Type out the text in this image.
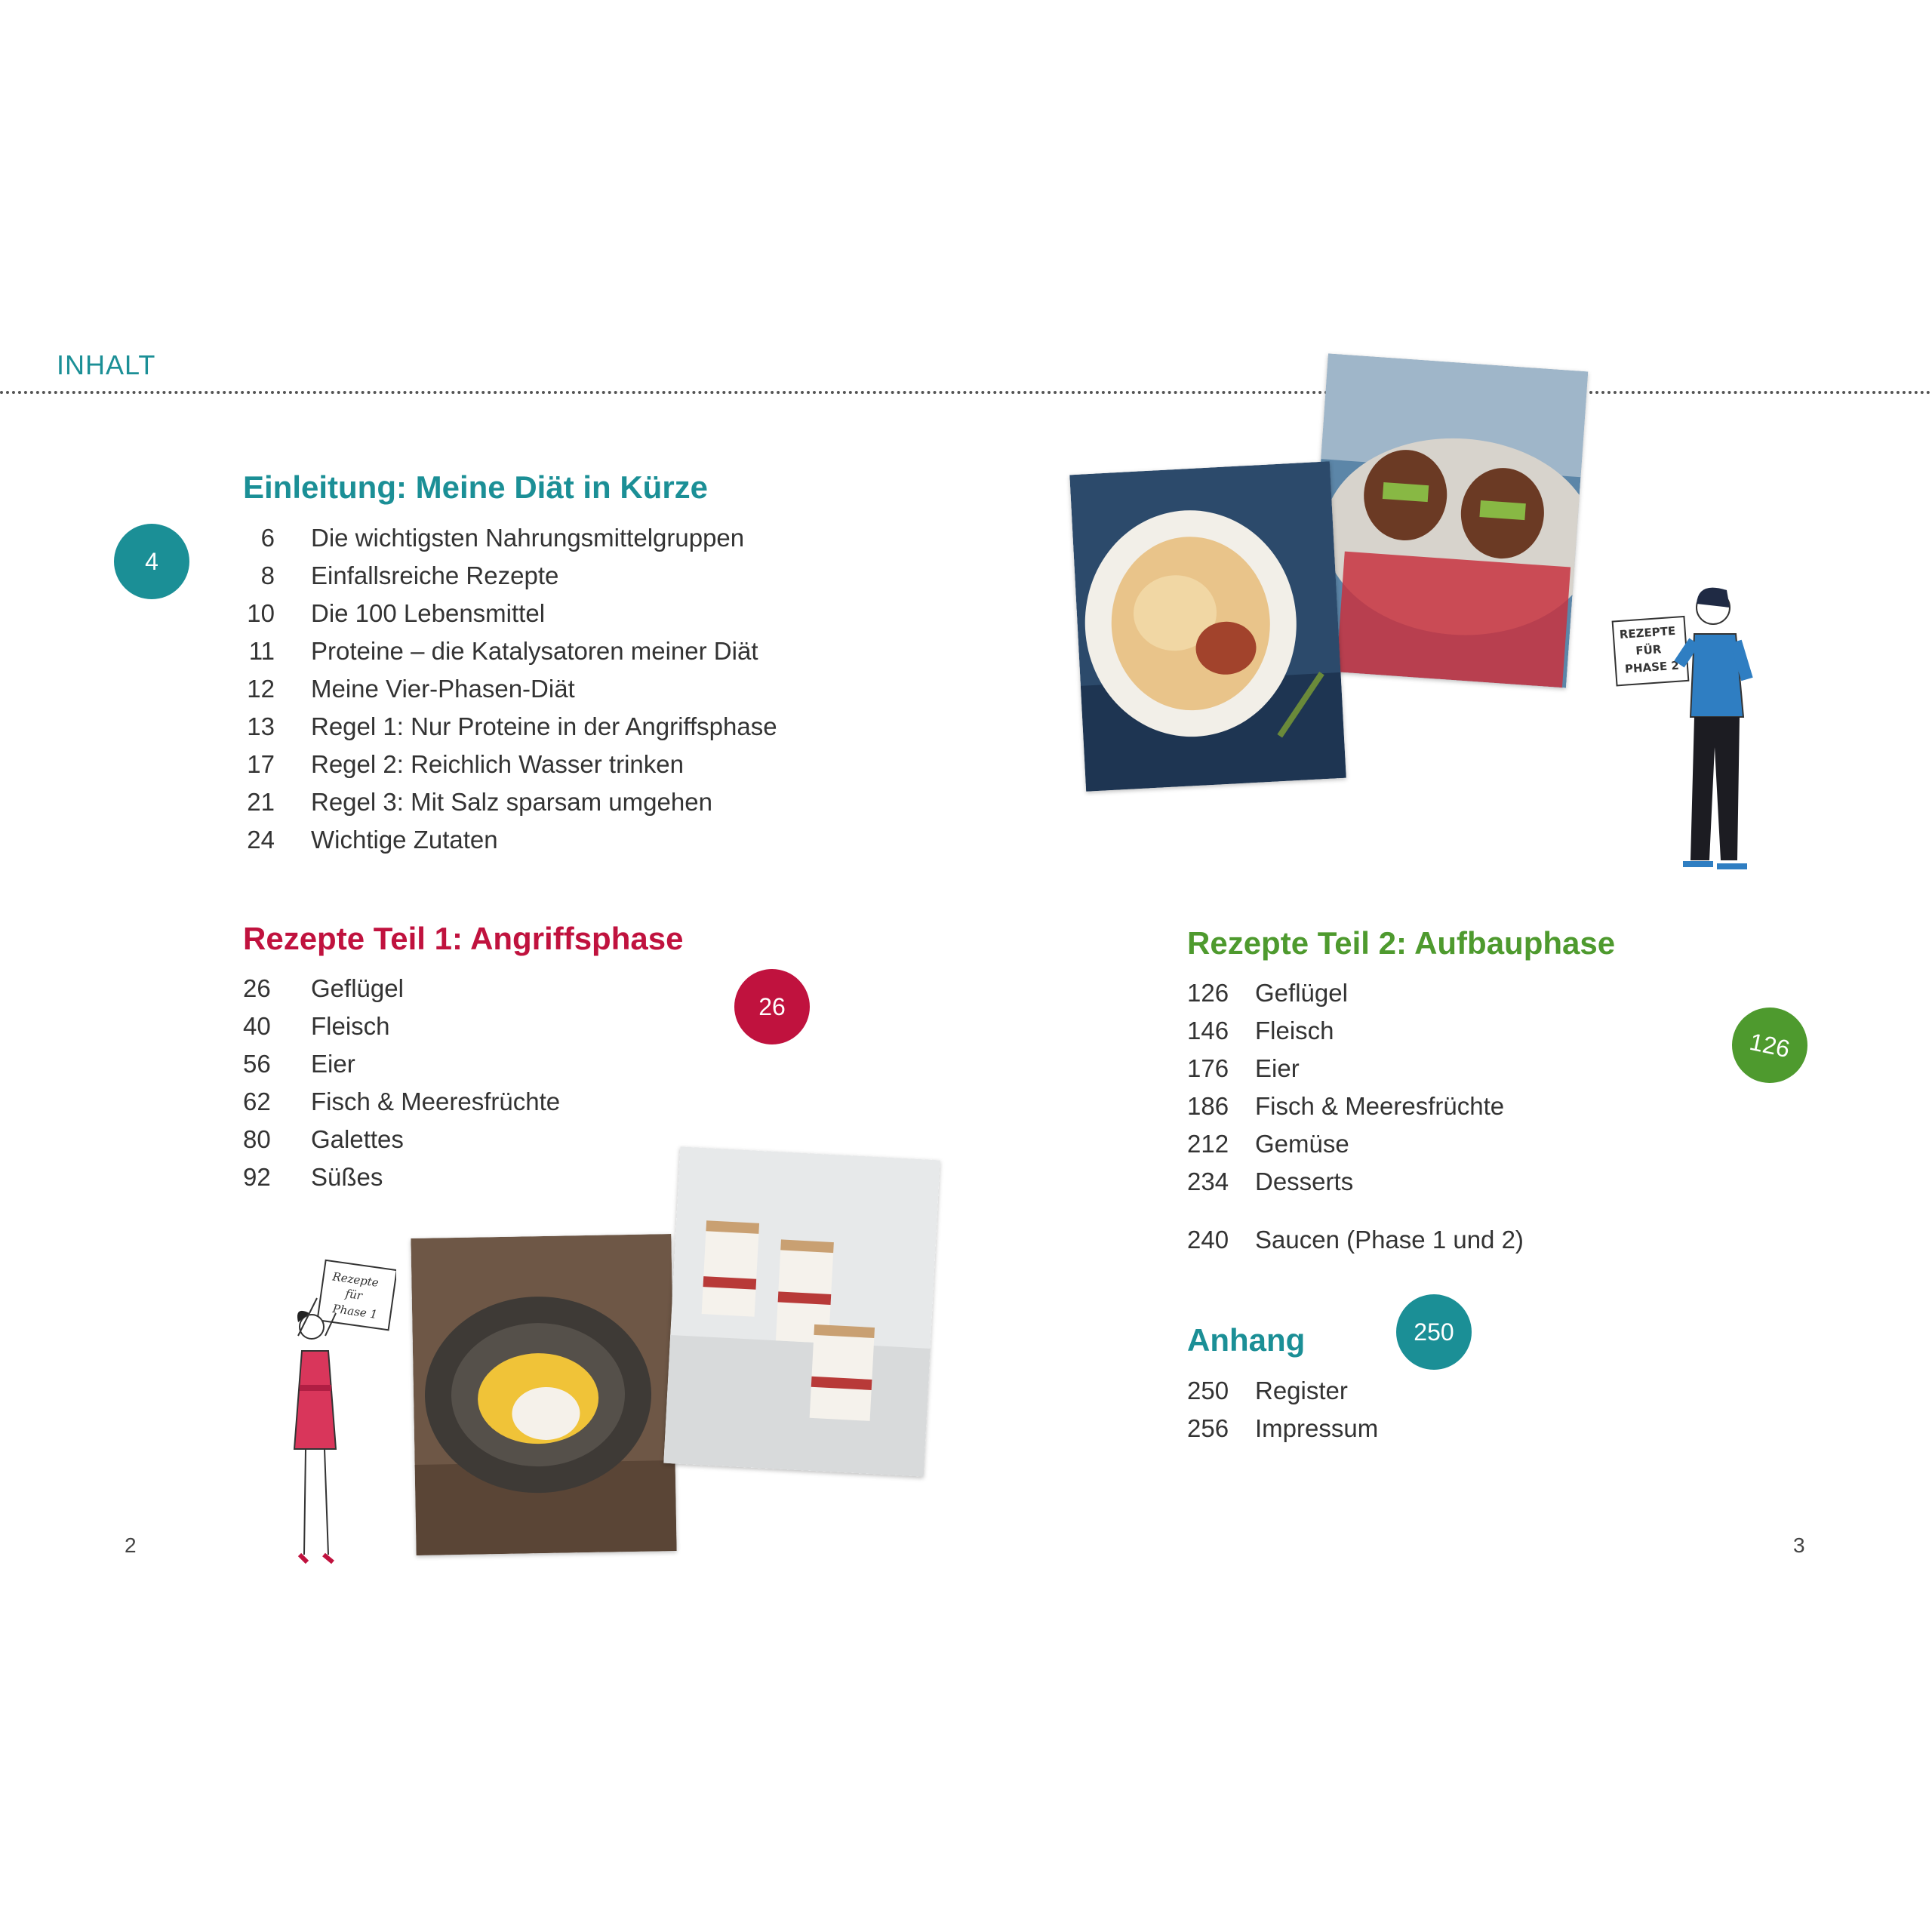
INHALT
Einleitung: Meine Diät in Kürze
4
6 Die wichtigsten Nahrungsmittelgruppen
8 Einfallsreiche Rezepte
10 Die 100 Lebensmittel
11 Proteine – die Katalysatoren meiner Diät
12 Meine Vier-Phasen-Diät
13 Regel 1: Nur Proteine in der Angriffsphase
17 Regel 2: Reichlich Wasser trinken
21 Regel 3: Mit Salz sparsam umgehen
24 Wichtige Zutaten
Rezepte Teil 1: Angriffsphase
26
26	Geflügel
40	Fleisch
56	Eier
62	Fisch & Meeresfrüchte
80	Galettes
92	Süßes
Rezepte Teil 2: Aufbauphase
126
126	Geflügel
146	Fleisch
176	Eier
186	Fisch & Meeresfrüchte
212	Gemüse
234	Desserts
240	Saucen (Phase 1 und 2)
Anhang	250
250	Register
256	Impressum
2	3
Rezepte
für
Phase 1
REZEPTE
FÜR
PHASE 2
